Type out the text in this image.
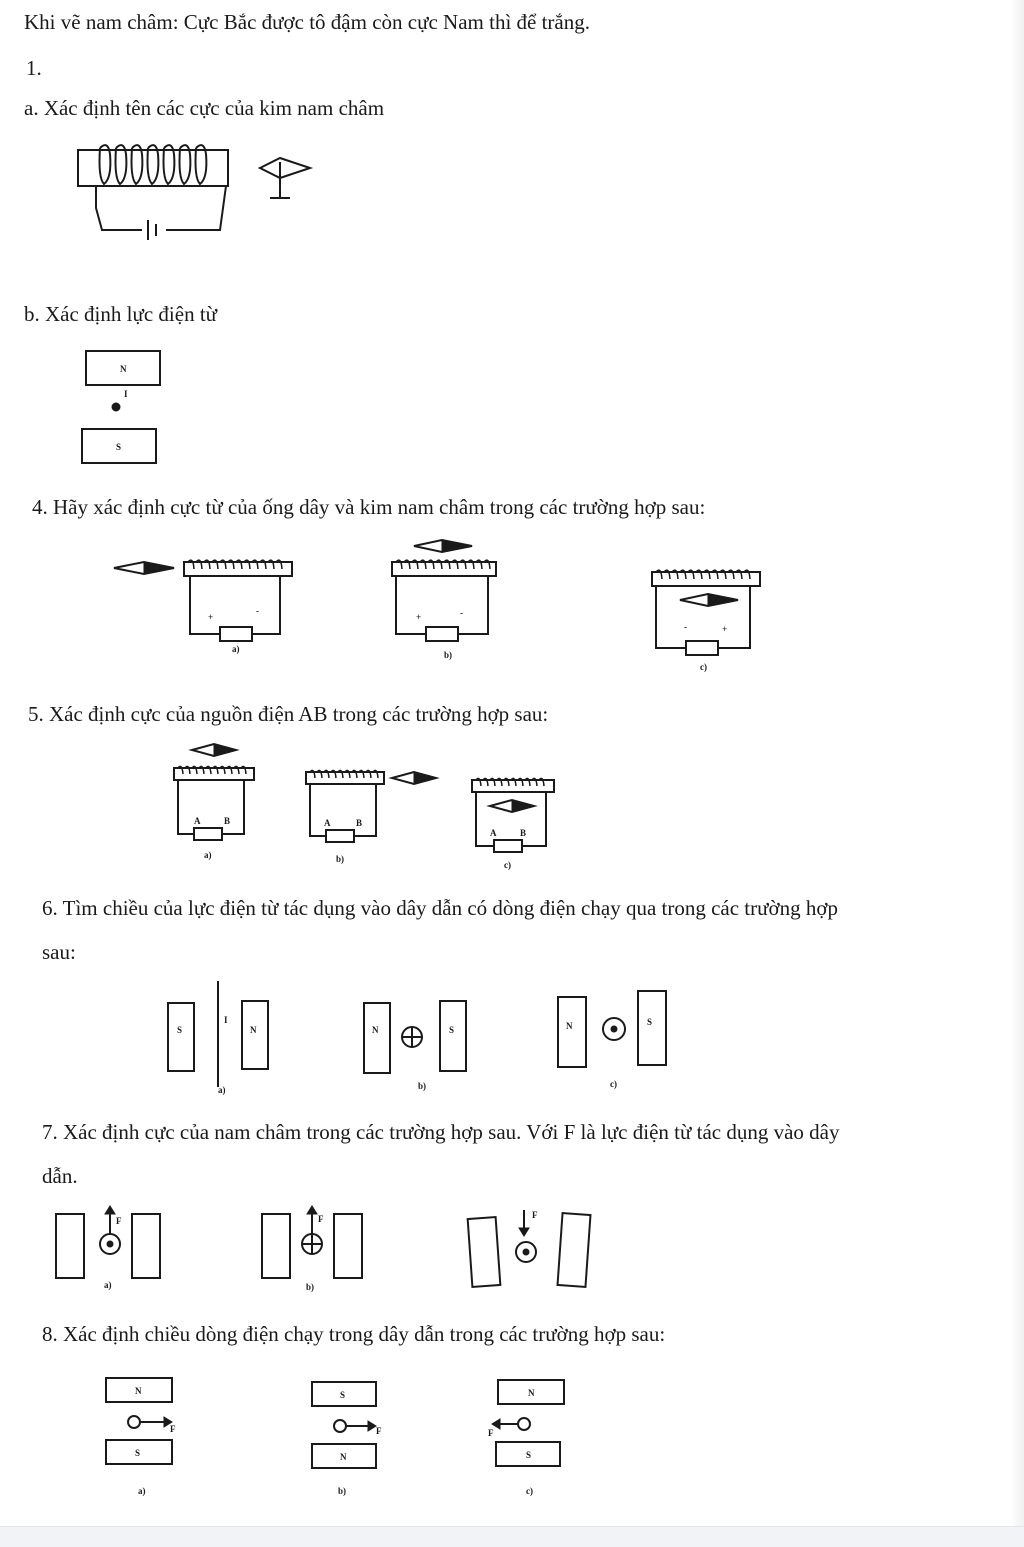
Khi vẽ nam châm: Cực Bắc được tô đậm còn cực Nam thì để trắng.
1.
a. Xác định tên các cực của kim nam châm
b. Xác định lực điện từ
N
I
S
4. Hãy xác định cực từ của ống dây và kim nam châm trong các trường hợp sau:
+
-
a)
+	-
b)
-	+
c)
5. Xác định cực của nguồn điện AB trong các trường hợp sau:
A	B
a)
A	B
b)
A	B
c)
6. Tìm chiều của lực điện từ tác dụng vào dây dẫn có dòng điện chạy qua trong các trường hợp
sau:
S
I
N
a)
N	S
b)
N	S
c)
7. Xác định cực của nam châm trong các trường hợp sau. Với F là lực điện từ tác dụng vào dây
dẫn.
F
a)
F
b)
F
8. Xác định chiều dòng điện chạy trong dây dẫn trong các trường hợp sau:
N
F
S
a)
S
F
N
b)
N
F
S
c)
